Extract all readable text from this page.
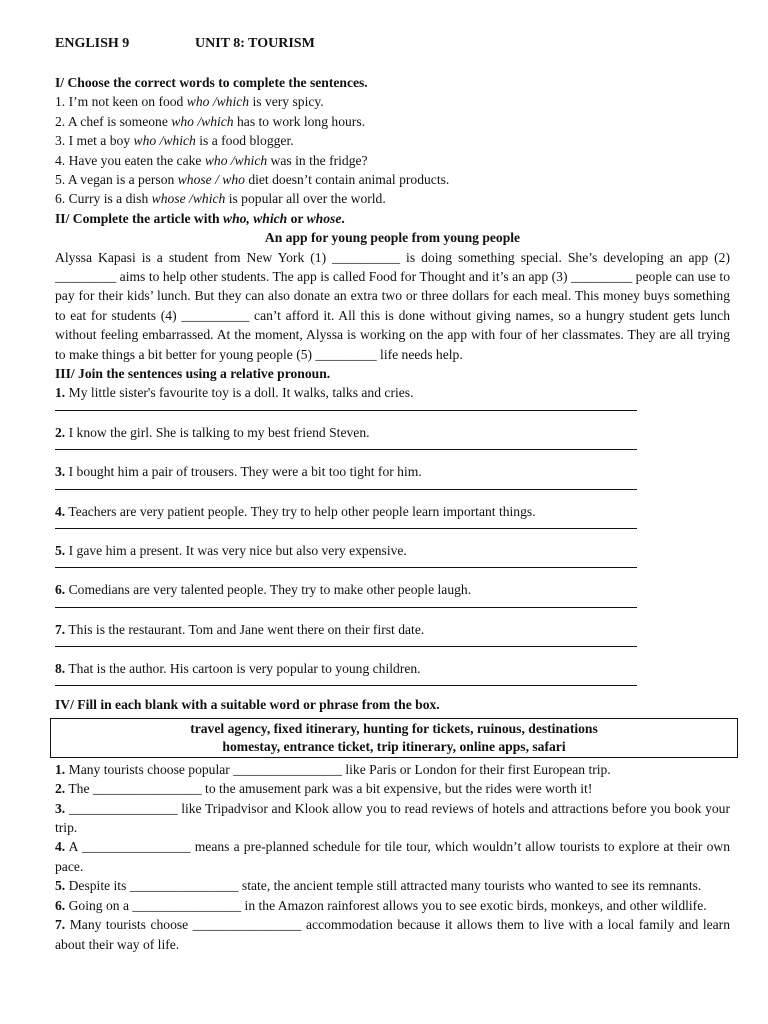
ENGLISH 9	UNIT 8: TOURISM
I/ Choose the correct words to complete the sentences.
1. I’m not keen on food who /which is very spicy.
2. A chef is someone who /which has to work long hours.
3. I met a boy who /which is a food blogger.
4. Have you eaten the cake who /which was in the fridge?
5. A vegan is a person whose / who diet doesn’t contain animal products.
6. Curry is a dish whose /which is popular all over the world.
II/ Complete the article with who, which or whose.
An app for young people from young people
Alyssa Kapasi is a student from New York (1) __________ is doing something special. She’s developing an app (2) _________ aims to help other students. The app is called Food for Thought and it’s an app (3) _________ people can use to pay for their kids’ lunch. But they can also donate an extra two or three dollars for each meal. This money buys something to eat for students (4) __________ can’t afford it. All this is done without giving names, so a hungry student gets lunch without feeling embarrassed. At the moment, Alyssa is working on the app with four of her classmates. They are all trying to make things a bit better for young people (5) _________ life needs help.
III/ Join the sentences using a relative pronoun.
1. My little sister's favourite toy is a doll. It walks, talks and cries.
2. I know the girl. She is talking to my best friend Steven.
3. I bought him a pair of trousers. They were a bit too tight for him.
4. Teachers are very patient people. They try to help other people learn important things.
5. I gave him a present. It was very nice but also very expensive.
6. Comedians are very talented people. They try to make other people laugh.
7. This is the restaurant. Tom and Jane went there on their first date.
8. That is the author. His cartoon is very popular to young children.
IV/ Fill in each blank with a suitable word or phrase from the box.
travel agency, fixed itinerary, hunting for tickets, ruinous, destinations
homestay, entrance ticket, trip itinerary, online apps, safari

1. Many tourists choose popular ________________ like Paris or London for their first European trip.

2. The ________________ to the amusement park was a bit expensive, but the rides were worth it!

3. ________________ like Tripadvisor and Klook allow you to read reviews of hotels and attractions before you book your trip.

4. A ________________ means a pre-planned schedule for tile tour, which wouldn’t allow tourists to explore at their own pace.

5. Despite its ________________ state, the ancient temple still attracted many tourists who wanted to see its remnants.

6. Going on a ________________ in the Amazon rainforest allows you to see exotic birds, monkeys, and other wildlife.

7. Many tourists choose ________________ accommodation because it allows them to live with a local family and learn about their way of life.
